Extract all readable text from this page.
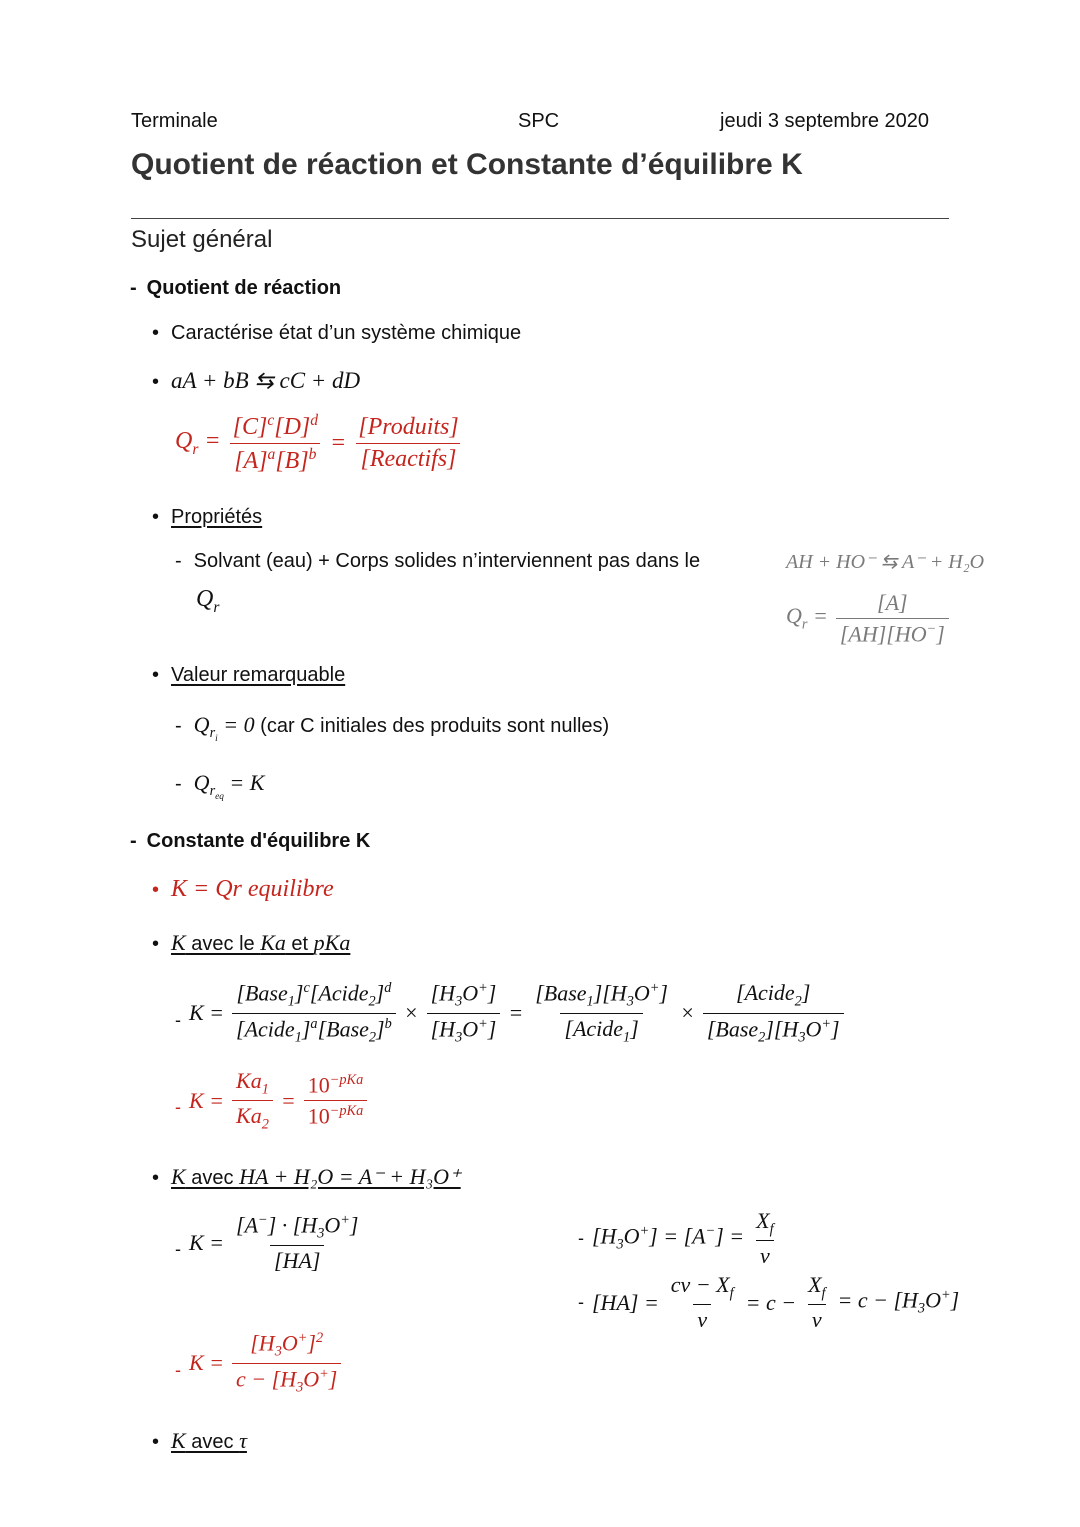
Terminale	SPC	jeudi 3 septembre 2020
Quotient de réaction et Constante d’équilibre K
Sujet général
- Quotient de réaction
• Caractérise état d’un système chimique
• aA + bB ⇆ cC + dD
$Q_r = \frac{[C]^c[D]^d}{[A]^a[B]^b} = \frac{\text{[Produits]}}{\text{[Reactifs]}}$
• Propriétés
- Solvant (eau) + Corps solides n’interviennent pas dans le
$Q_r$
AH + HO⁻ ⇆ A⁻ + H₂O
$Q_r = \frac{[A]}{[AH][HO^-]}$
• Valeur remarquable
- $Q_{r_i} = 0$ (car C initiales des produits sont nulles)
- $Q_{r_{eq}} = K$
- Constante d'équilibre K
• K = Qr equilibre
• K avec le Ka et pKa
- $K = \frac{[Base_1]^c[Acide_2]^d}{[Acide_1]^a[Base_2]^b} \times \frac{[H_3O^+]}{[H_3O^+]} = \frac{[Base_1][H_3O^+]}{[Acide_1]} \times \frac{[Acide_2]}{[Base_2][H_3O^+]}$
- $K = \frac{Ka_1}{Ka_2} = \frac{10^{-pKa}}{10^{-pKa}}$
• K avec HA + H₂O = A⁻ + H₃O⁺
- $K = \frac{[A^-] \cdot [H_3O^+]}{[HA]}$	- $[H_3O^+] = [A^-] = \frac{X_f}{v}$
- $[HA] = \frac{cv - X_f}{v} = c - \frac{X_f}{v} = c - [H_3O^+]$
- $K = \frac{[H_3O^+]^2}{c - [H_3O^+]}$
• K avec τ
